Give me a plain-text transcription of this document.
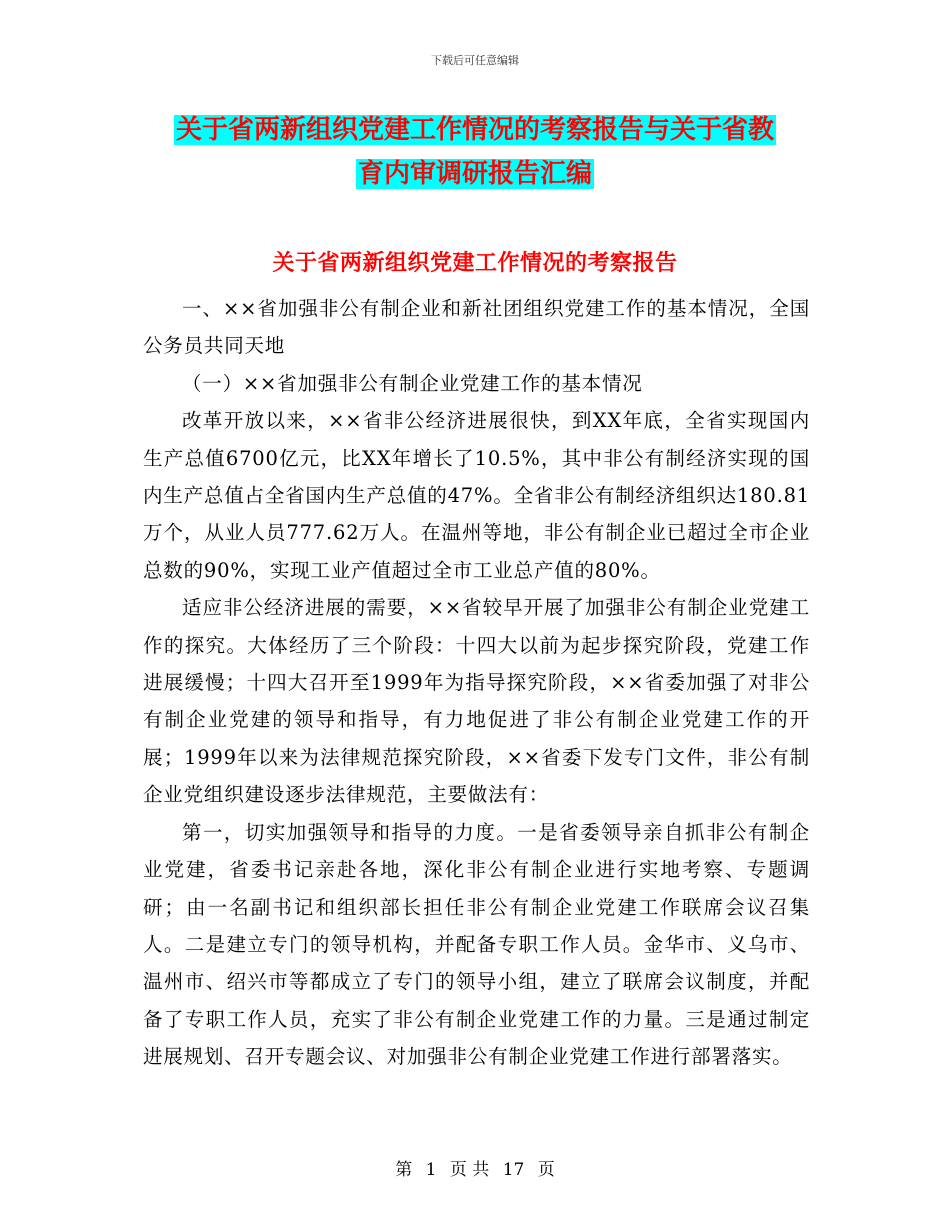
下载后可任意编辑
关于省两新组织党建工作情况的考察报告与关于省教
育内审调研报告汇编
关于省两新组织党建工作情况的考察报告

一、××省加强非公有制企业和新社团组织党建工作的基本情况，全国公务员共同天地

（一）××省加强非公有制企业党建工作的基本情况

改革开放以来，××省非公经济进展很快，到XX年底，全省实现国内生产总值6700亿元，比XX年增长了10.5%，其中非公有制经济实现的国内生产总值占全省国内生产总值的47%。全省非公有制经济组织达180.81万个，从业人员777.62万人。在温州等地，非公有制企业已超过全市企业总数的90%，实现工业产值超过全市工业总产值的80%。

适应非公经济进展的需要，××省较早开展了加强非公有制企业党建工作的探究。大体经历了三个阶段：十四大以前为起步探究阶段，党建工作进展缓慢；十四大召开至1999年为指导探究阶段，××省委加强了对非公有制企业党建的领导和指导，有力地促进了非公有制企业党建工作的开展；1999年以来为法律规范探究阶段，××省委下发专门文件，非公有制企业党组织建设逐步法律规范，主要做法有：

第一，切实加强领导和指导的力度。一是省委领导亲自抓非公有制企业党建，省委书记亲赴各地，深化非公有制企业进行实地考察、专题调研；由一名副书记和组织部长担任非公有制企业党建工作联席会议召集人。二是建立专门的领导机构，并配备专职工作人员。金华市、义乌市、温州市、绍兴市等都成立了专门的领导小组，建立了联席会议制度，并配备了专职工作人员，充实了非公有制企业党建工作的力量。三是通过制定进展规划、召开专题会议、对加强非公有制企业党建工作进行部署落实。

第 1 页 共 17 页
